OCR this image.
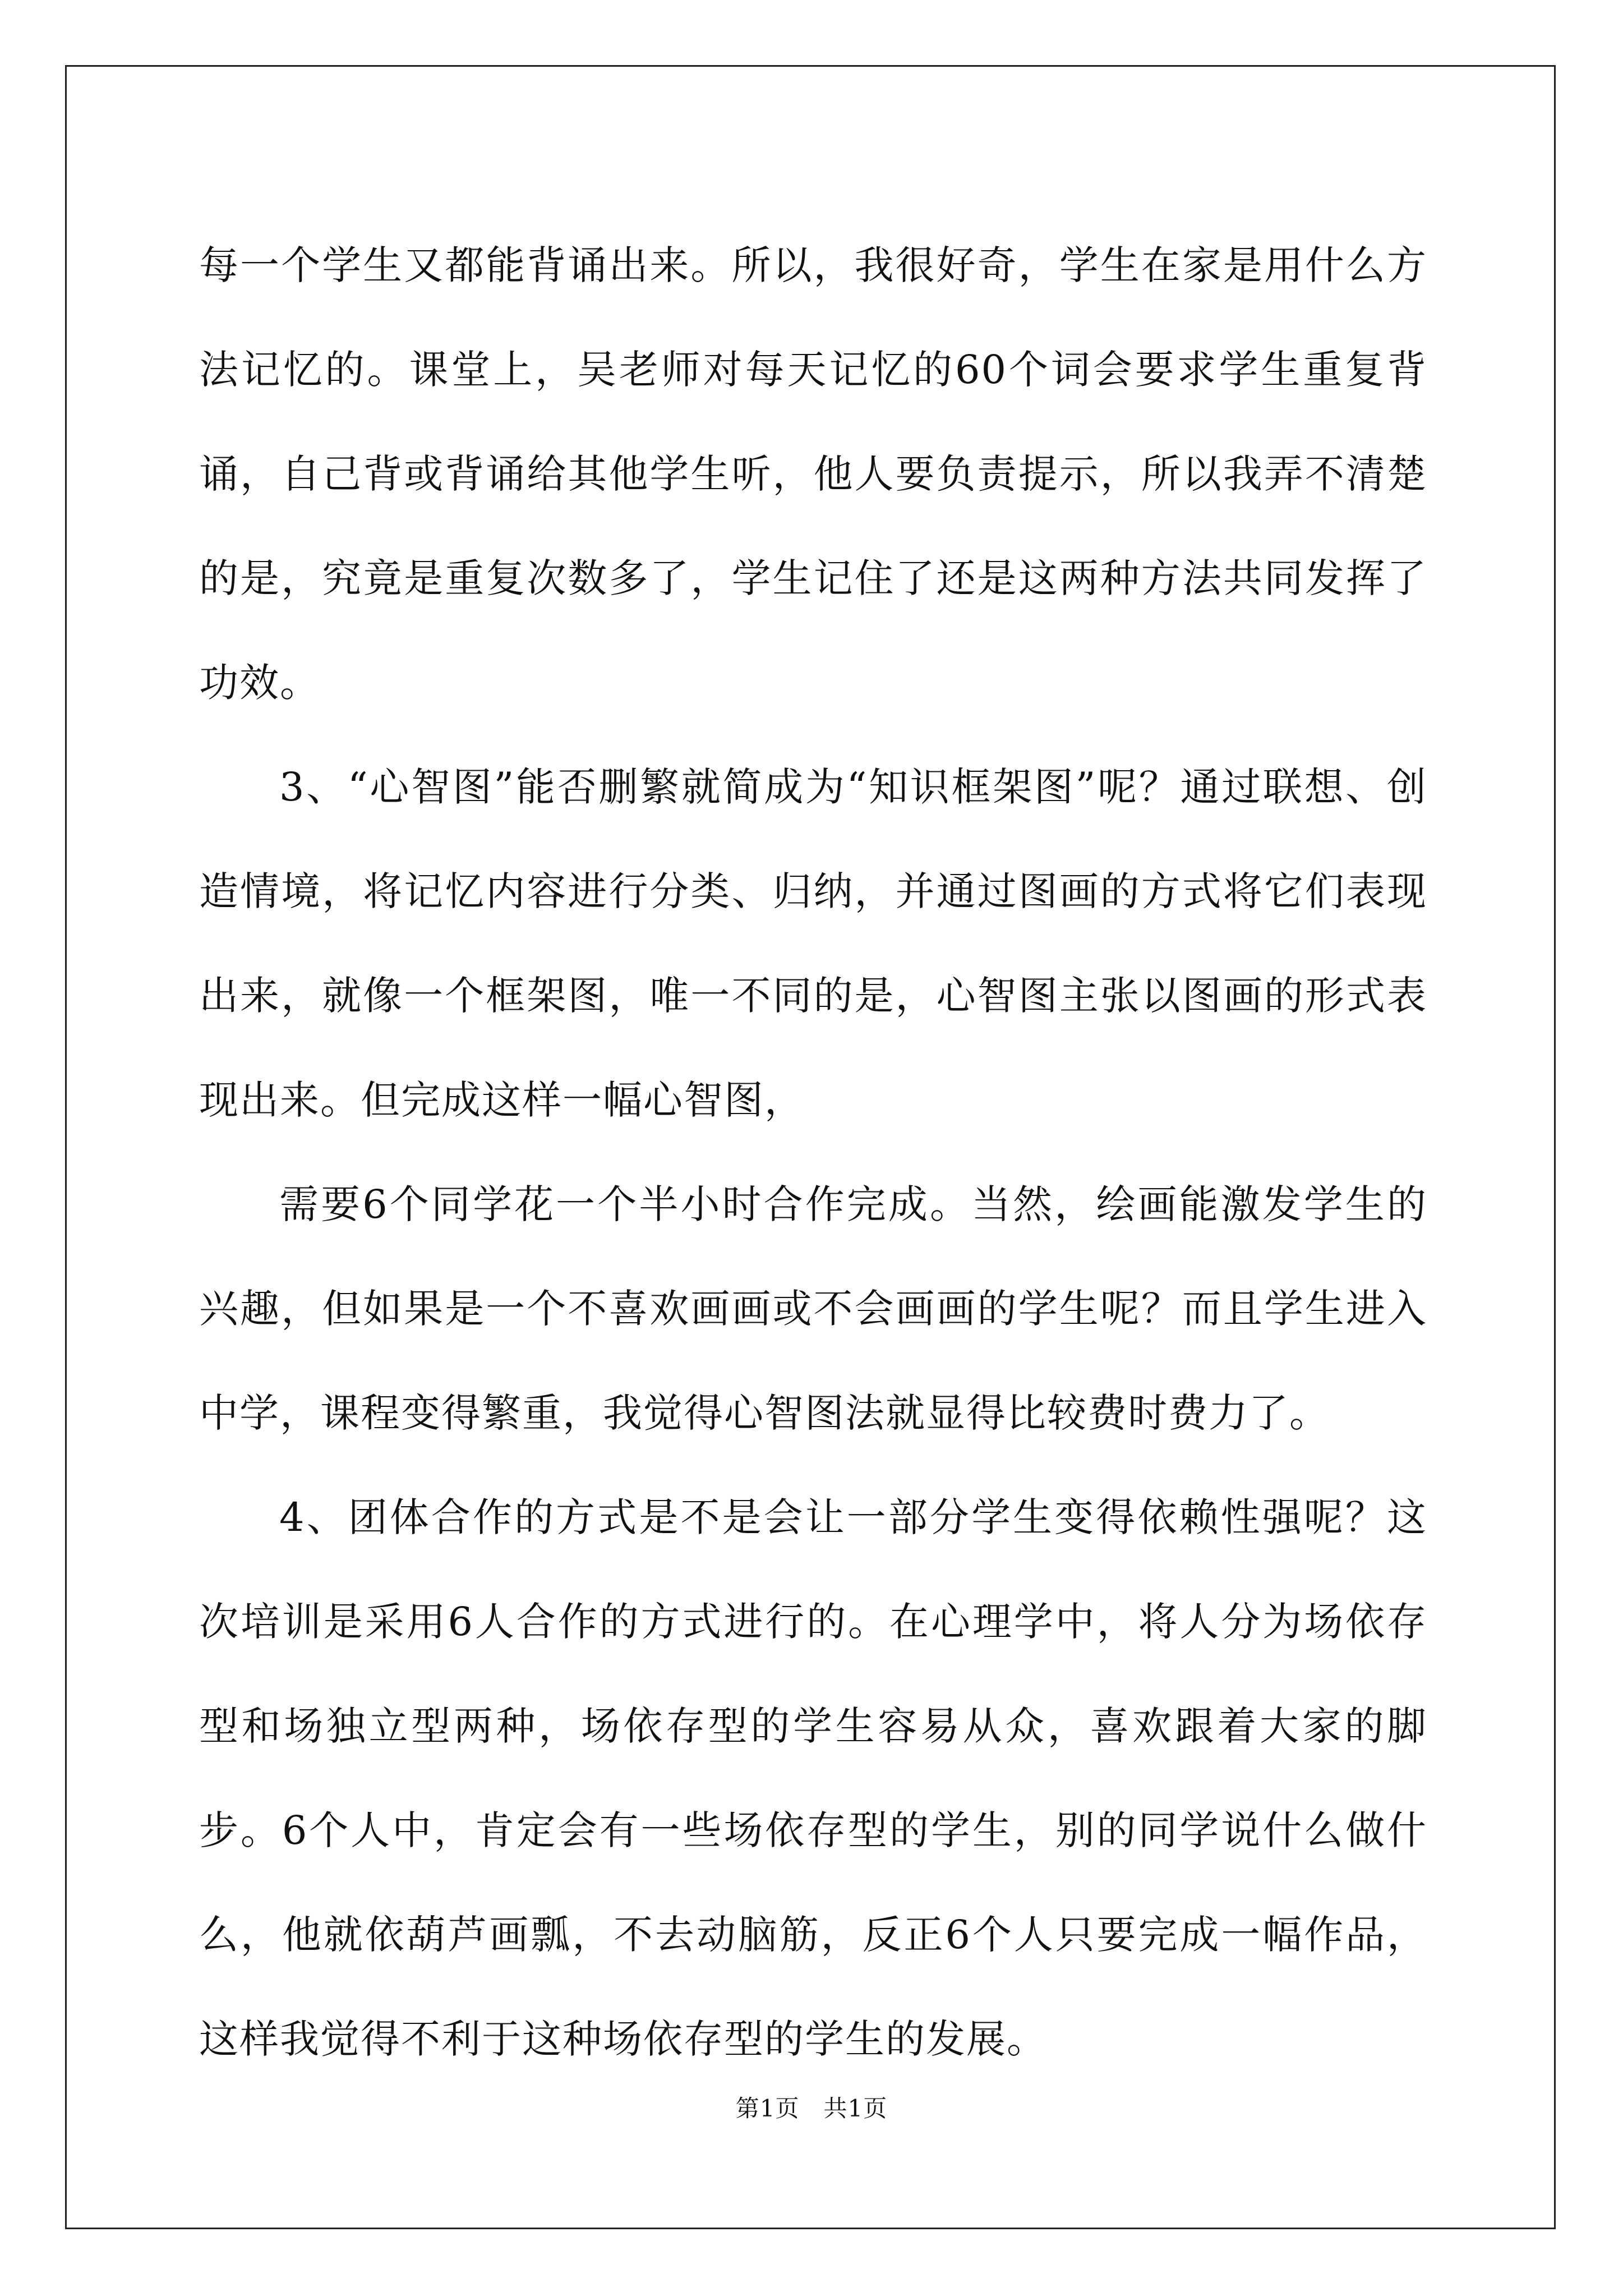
每一个学生又都能背诵出来。所以，我很好奇，学生在家是用什么方法记忆的。课堂上，吴老师对每天记忆的60个词会要求学生重复背诵，自己背或背诵给其他学生听，他人要负责提示，所以我弄不清楚的是，究竟是重复次数多了，学生记住了还是这两种方法共同发挥了功效。

3、“心智图”能否删繁就简成为“知识框架图”呢？通过联想、创造情境，将记忆内容进行分类、归纳，并通过图画的方式将它们表现出来，就像一个框架图，唯一不同的是，心智图主张以图画的形式表现出来。但完成这样一幅心智图，

需要6个同学花一个半小时合作完成。当然，绘画能激发学生的兴趣，但如果是一个不喜欢画画或不会画画的学生呢？而且学生进入中学，课程变得繁重，我觉得心智图法就显得比较费时费力了。

4、团体合作的方式是不是会让一部分学生变得依赖性强呢？这次培训是采用6人合作的方式进行的。在心理学中，将人分为场依存型和场独立型两种，场依存型的学生容易从众，喜欢跟着大家的脚步。6个人中，肯定会有一些场依存型的学生，别的同学说什么做什么，他就依葫芦画瓢，不去动脑筋，反正6个人只要完成一幅作品，这样我觉得不利于这种场依存型的学生的发展。

第1页　共1页
